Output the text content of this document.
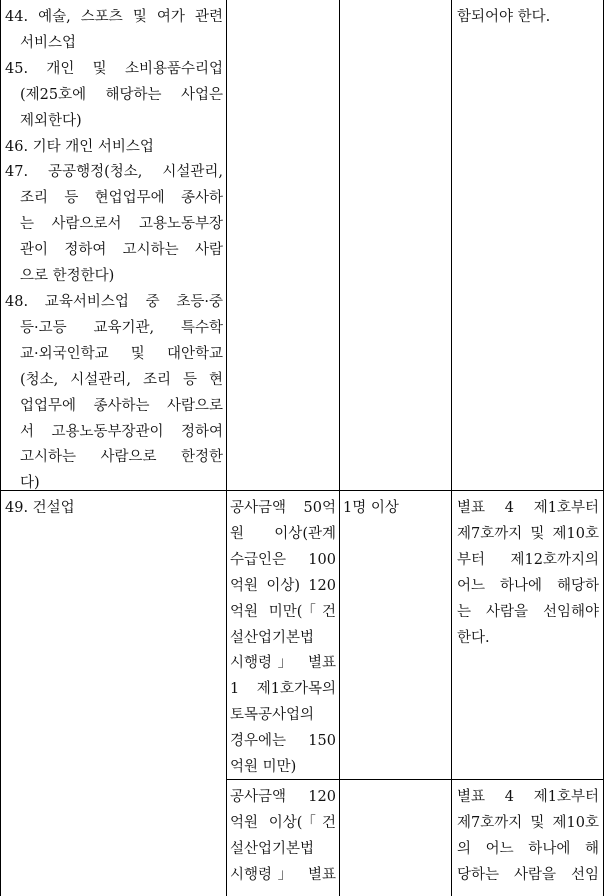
44. 예술, 스포츠 및 여가 관련
서비스업
45. 개인 및 소비용품수리업
(제25호에 해당하는 사업은
제외한다)
46. 기타 개인 서비스업
47. 공공행정(청소, 시설관리,
조리 등 현업업무에 종사하
는 사람으로서 고용노동부장
관이 정하여 고시하는 사람
으로 한정한다)
48. 교육서비스업 중 초등·중
등·고등 교육기관, 특수학
교·외국인학교 및 대안학교
(청소, 시설관리, 조리 등 현
업업무에 종사하는 사람으로
서 고용노동부장관이 정하여
고시하는 사람으로 한정한
다)
함되어야 한다.
49. 건설업	공사금액 50억
원 이상(관계
수급인은 100
억원 이상) 120
억원 미만(「건
설산업기본법
시행령」 별표
1 제1호가목의
토목공사업의
경우에는 150
억원 미만)
1명 이상	별표 4 제1호부터
제7호까지 및 제10호
부터 제12호까지의
어느 하나에 해당하
는 사람을 선임해야
한다.
공사금액 120
억원 이상(「건
설산업기본법
시행령」 별표
별표 4 제1호부터
제7호까지 및 제10호
의 어느 하나에 해
당하는 사람을 선임
